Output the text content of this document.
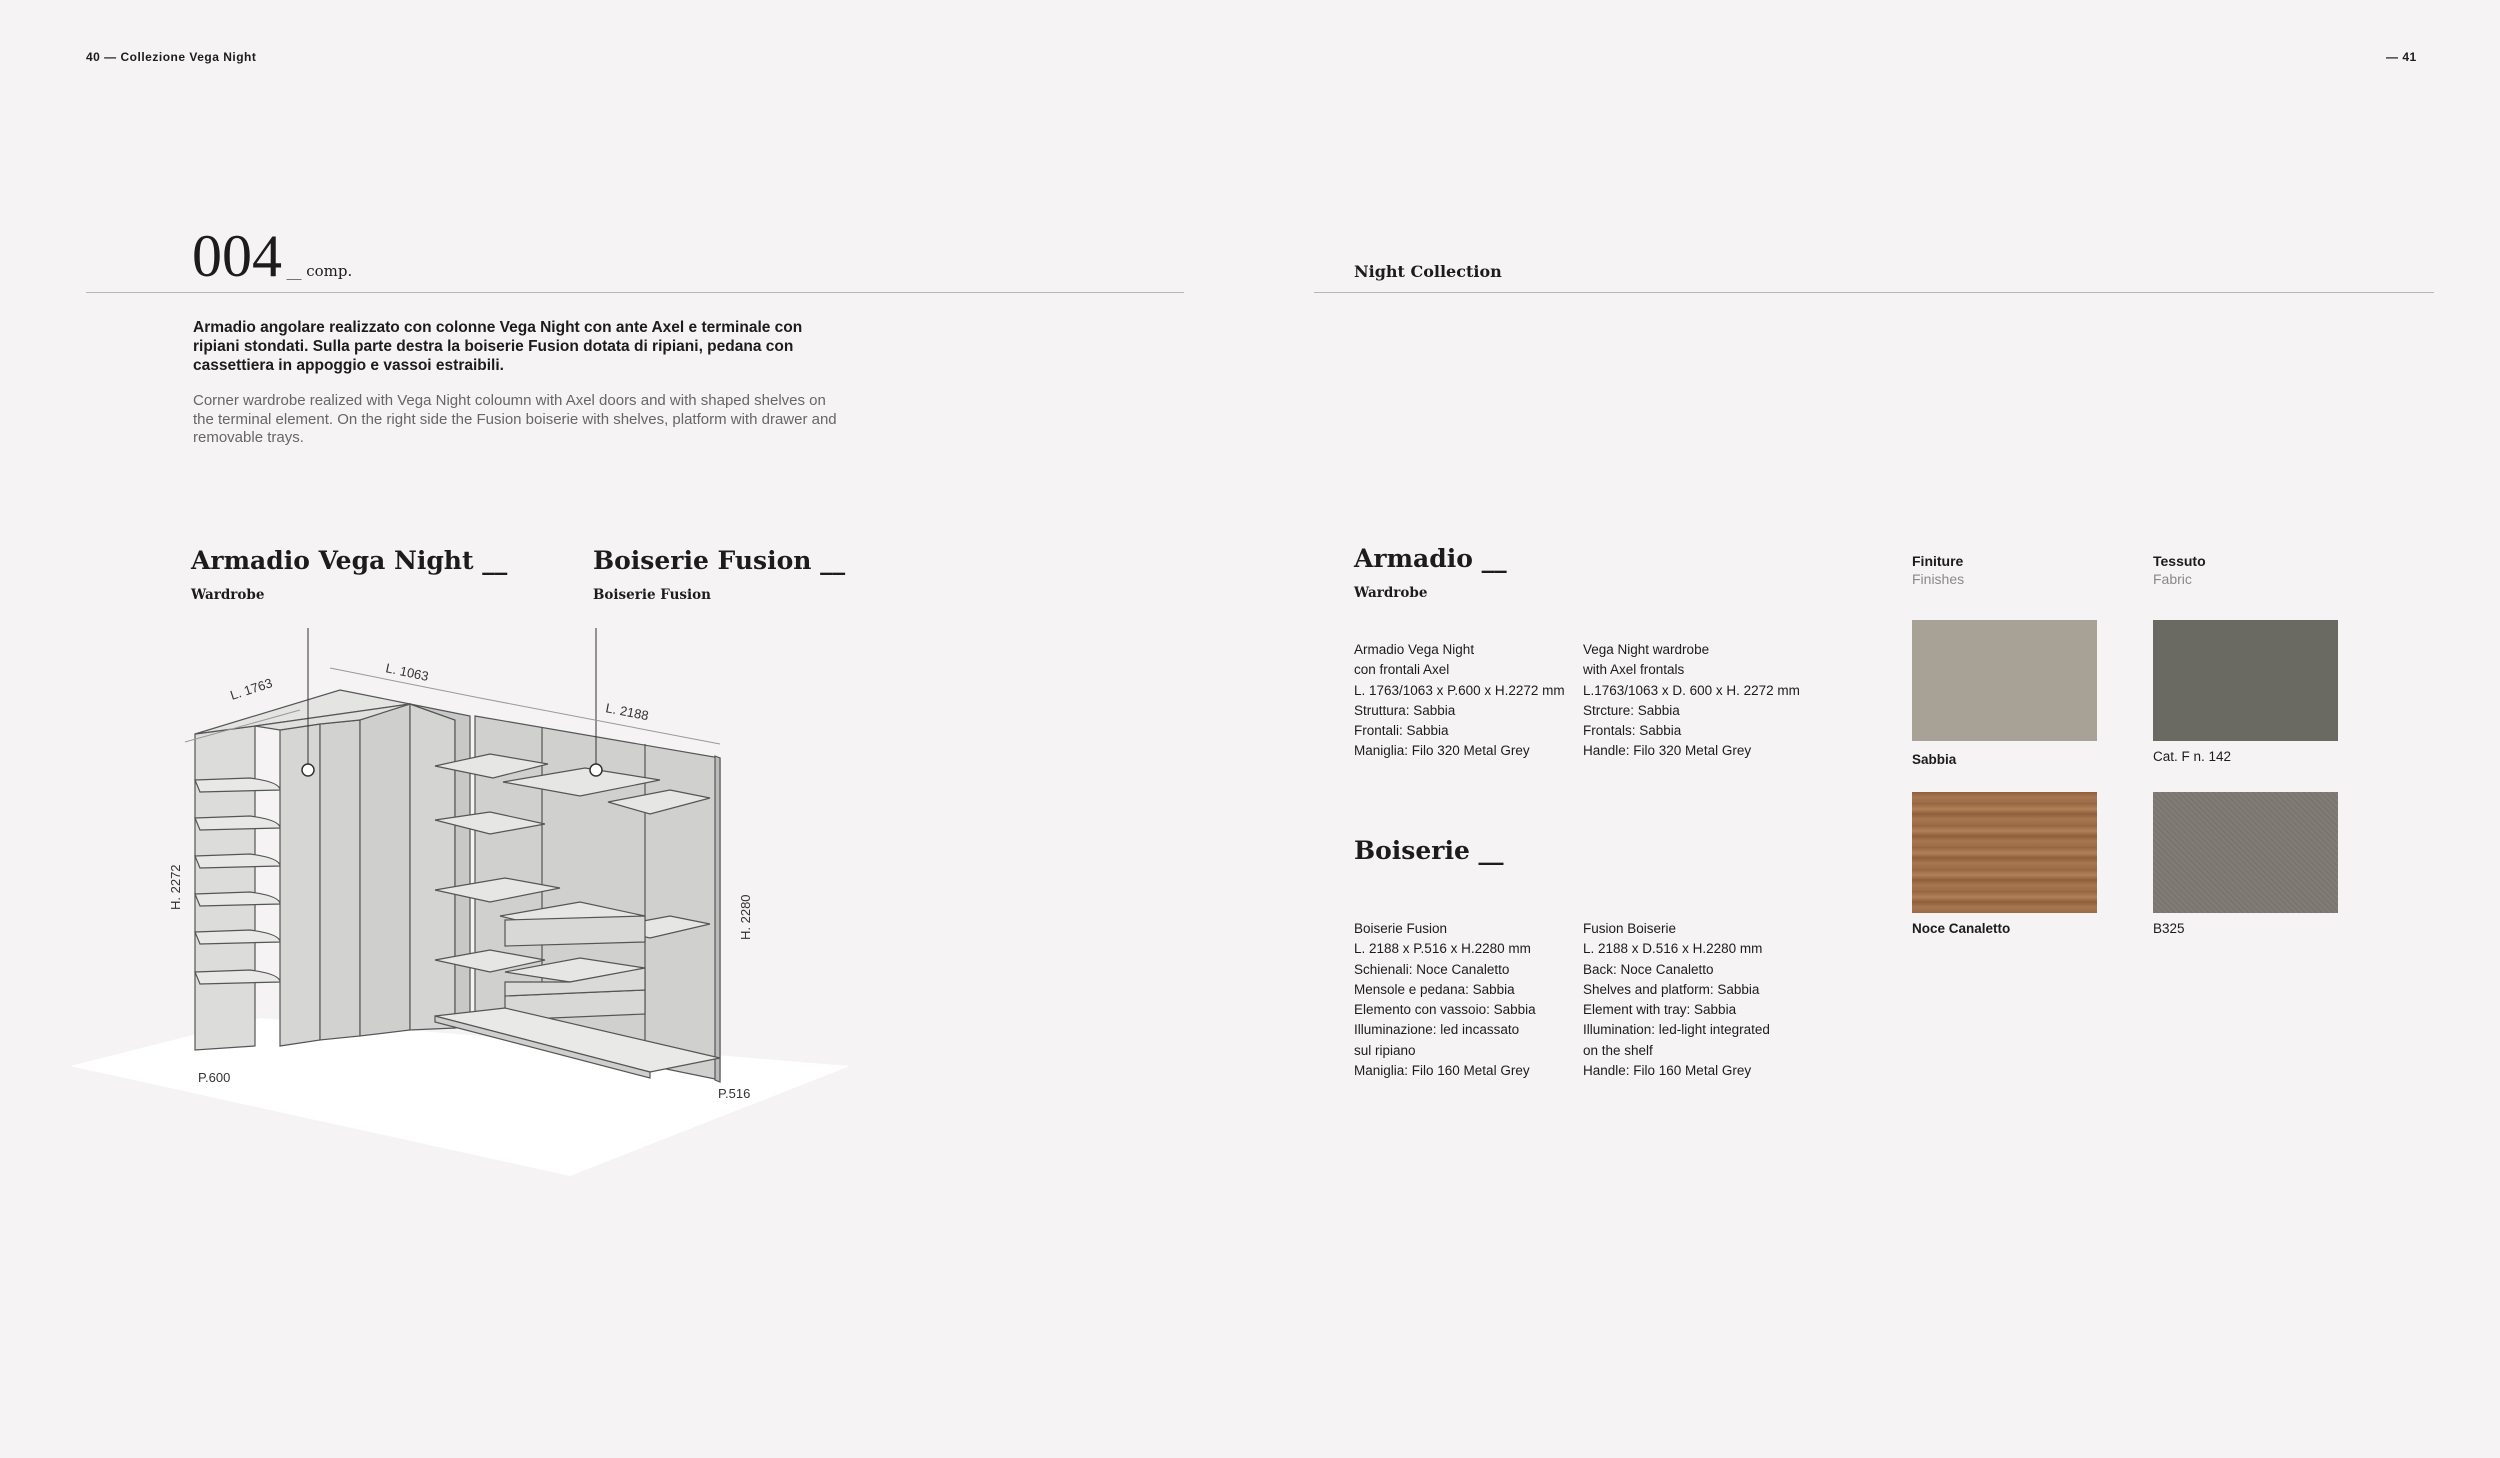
40 — Collezione Vega Night	— 41
004 __ comp.	Night Collection
Armadio angolare realizzato con colonne Vega Night con ante Axel e terminale con ripiani stondati. Sulla parte destra la boiserie Fusion dotata di ripiani, pedana con cassettiera in appoggio e vassoi estraibili.
Corner wardrobe realized with Vega Night coloumn with Axel doors and with shaped shelves on the terminal element. On the right side the Fusion boiserie with shelves, platform with drawer and removable trays.
Armadio Vega Night __
Wardrobe
Boiserie Fusion __
Boiserie Fusion
L. 1763
L. 1063
L. 2188
H. 2272
H. 2280
P.600
P.516
Armadio __
Wardrobe
Armadio Vega Night
con frontali Axel
L. 1763/1063 x P.600 x H.2272 mm
Struttura: Sabbia
Frontali: Sabbia
Maniglia: Filo 320 Metal Grey
Vega Night wardrobe
with Axel frontals
L.1763/1063 x D. 600 x H. 2272 mm
Strcture: Sabbia
Frontals: Sabbia
Handle: Filo 320 Metal Grey
Boiserie __
Boiserie Fusion
L. 2188 x P.516 x H.2280 mm
Schienali: Noce Canaletto
Mensole e pedana: Sabbia
Elemento con vassoio: Sabbia
Illuminazione: led incassato
sul ripiano
Maniglia: Filo 160 Metal Grey
Fusion Boiserie
L. 2188 x D.516 x H.2280 mm
Back: Noce Canaletto
Shelves and platform: Sabbia
Element with tray: Sabbia
Illumination: led-light integrated
on the shelf
Handle: Filo 160 Metal Grey
Finiture
Finishes
Tessuto
Fabric
Sabbia	Cat. F n. 142
Noce Canaletto	B325
